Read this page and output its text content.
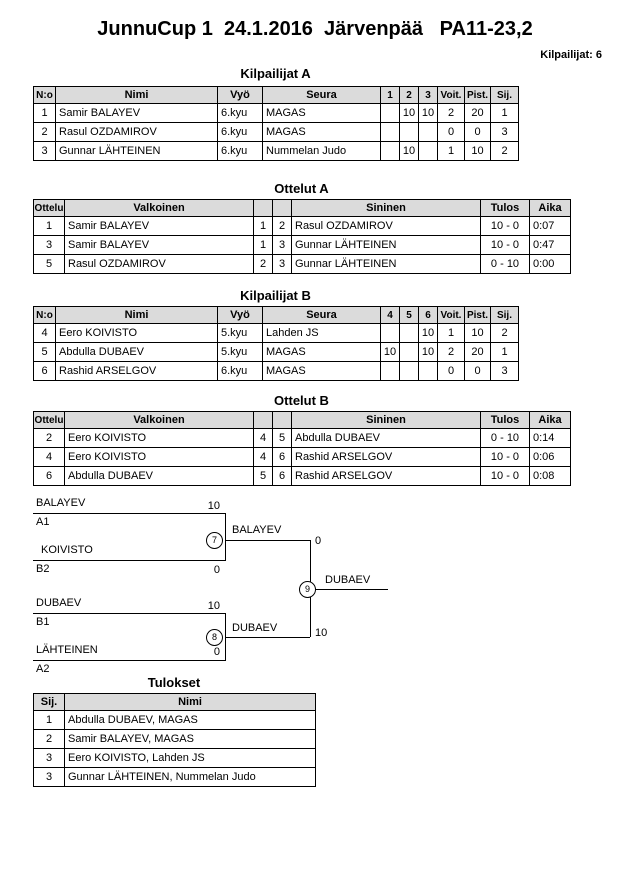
JunnuCup 1  24.1.2016  Järvenpää   PA11-23,2
Kilpailijat: 6
Kilpailijat A
N:o	Nimi	Vyö	Seura	1	2	3	Voit.	Pist.	Sij.
1	Samir BALAYEV	6.kyu	MAGAS		10	10	2	20	1
2	Rasul OZDAMIROV	6.kyu	MAGAS				0	0	3
3	Gunnar LÄHTEINEN	6.kyu	Nummelan Judo		10		1	10	2
Ottelut A
Ottelu	Valkoinen			Sininen	Tulos	Aika
1	Samir BALAYEV	1	2	Rasul OZDAMIROV	10 - 0	0:07
3	Samir BALAYEV	1	3	Gunnar LÄHTEINEN	10 - 0	0:47
5	Rasul OZDAMIROV	2	3	Gunnar LÄHTEINEN	0 - 10	0:00
Kilpailijat B
N:o	Nimi	Vyö	Seura	4	5	6	Voit.	Pist.	Sij.
4	Eero KOIVISTO	5.kyu	Lahden JS			10	1	10	2
5	Abdulla DUBAEV	5.kyu	MAGAS	10		10	2	20	1
6	Rashid ARSELGOV	6.kyu	MAGAS				0	0	3
Ottelut B
Ottelu	Valkoinen			Sininen	Tulos	Aika
2	Eero KOIVISTO	4	5	Abdulla DUBAEV	0 - 10	0:14
4	Eero KOIVISTO	4	6	Rashid ARSELGOV	10 - 0	0:06
6	Abdulla DUBAEV	5	6	Rashid ARSELGOV	10 - 0	0:08
BALAYEV
A1
10
KOIVISTO
B2	0
7
BALAYEV
0
9
DUBAEV
DUBAEV
B1
10
LÄHTEINEN
A2
0
8
DUBAEV	10
Tulokset
Sij.	Nimi
1	Abdulla DUBAEV, MAGAS
2	Samir BALAYEV, MAGAS
3	Eero KOIVISTO, Lahden JS
3	Gunnar LÄHTEINEN, Nummelan Judo
